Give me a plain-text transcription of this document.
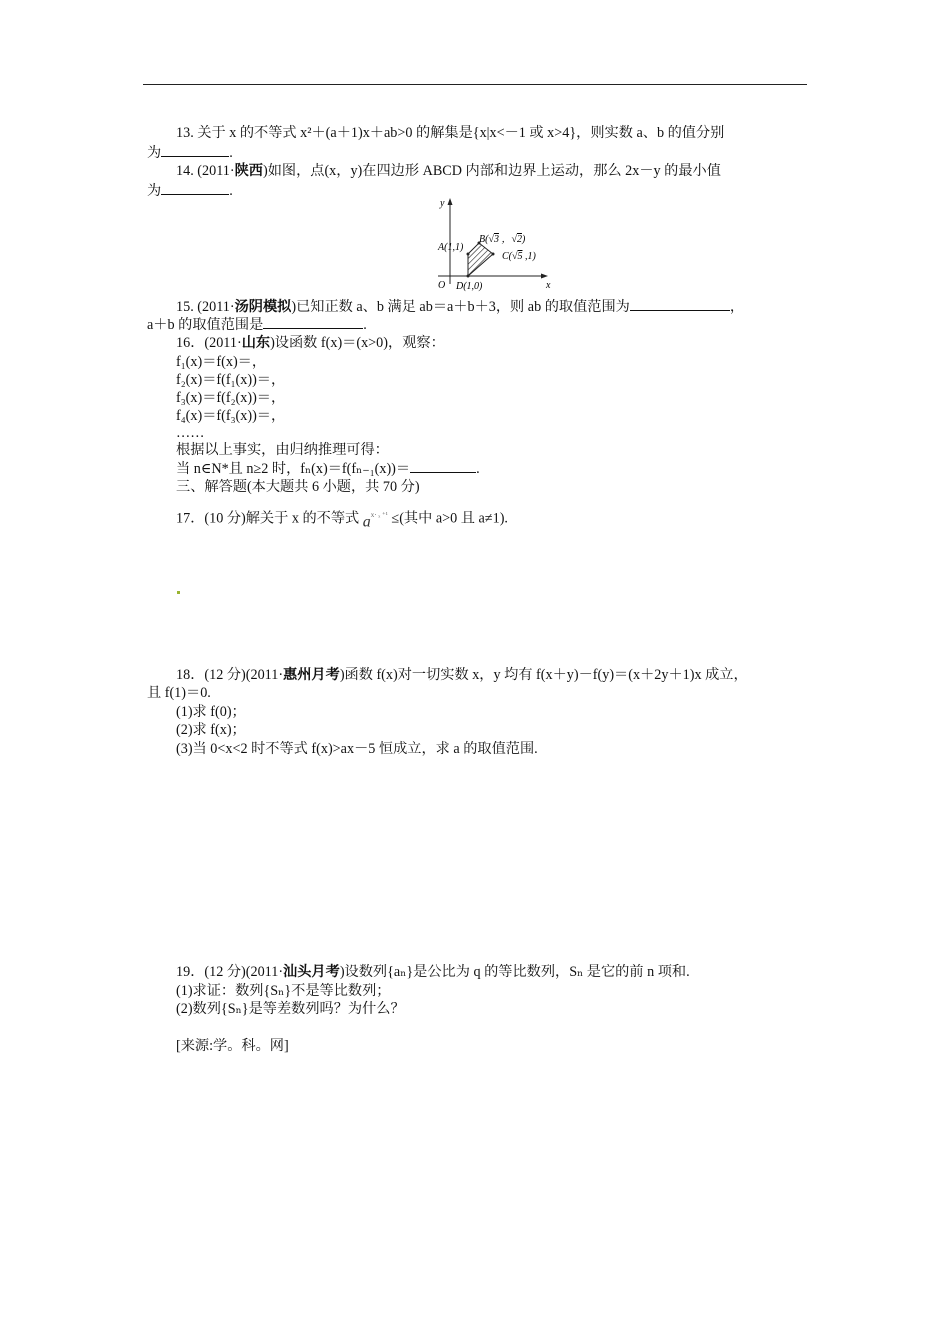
13. 关于 x 的不等式 x²＋(a＋1)x＋ab>0 的解集是{x|x<－1 或 x>4}，则实数 a、b 的值分别
为	.
14. (2011·陕西)如图，点(x，y)在四边形 ABCD 内部和边界上运动，那么 2x－y 的最小值
为	.
y
x
O
A(1,1)
B(√3 ，√2)
C(√5 ,1)
D(1,0)
15. (2011·汤阴模拟)已知正数 a、b 满足 ab＝a＋b＋3，则 ab 的取值范围为	，
a＋b 的取值范围是	.
16．(2011·山东)设函数 f(x)＝(x>0)，观察：
f₁(x)＝f(x)＝，
f₂(x)＝f(f₁(x))＝，
f₃(x)＝f(f₂(x))＝，
f₄(x)＝f(f₃(x))＝，
……
根据以上事实，由归纳推理可得：
当 n∈N*且 n≥2 时，fₙ(x)＝f(fₙ₋₁(x))＝	.
三、解答题(本大题共 6 小题，共 70 分)
17．(10 分)解关于 x 的不等式 $a^{x‧ _x ^{+1}}$ ≤(其中 a>0 且 a≠1).
18．(12 分)(2011·惠州月考)函数 f(x)对一切实数 x，y 均有 f(x＋y)－f(y)＝(x＋2y＋1)x 成立，
且 f(1)＝0.
(1)求 f(0)；
(2)求 f(x)；
(3)当 0<x<2 时不等式 f(x)>ax－5 恒成立，求 a 的取值范围.
19．(12 分)(2011·汕头月考)设数列{aₙ}是公比为 q 的等比数列，Sₙ 是它的前 n 项和.
(1)求证：数列{Sₙ}不是等比数列；
(2)数列{Sₙ}是等差数列吗？为什么？
[来源:学。科。网]
